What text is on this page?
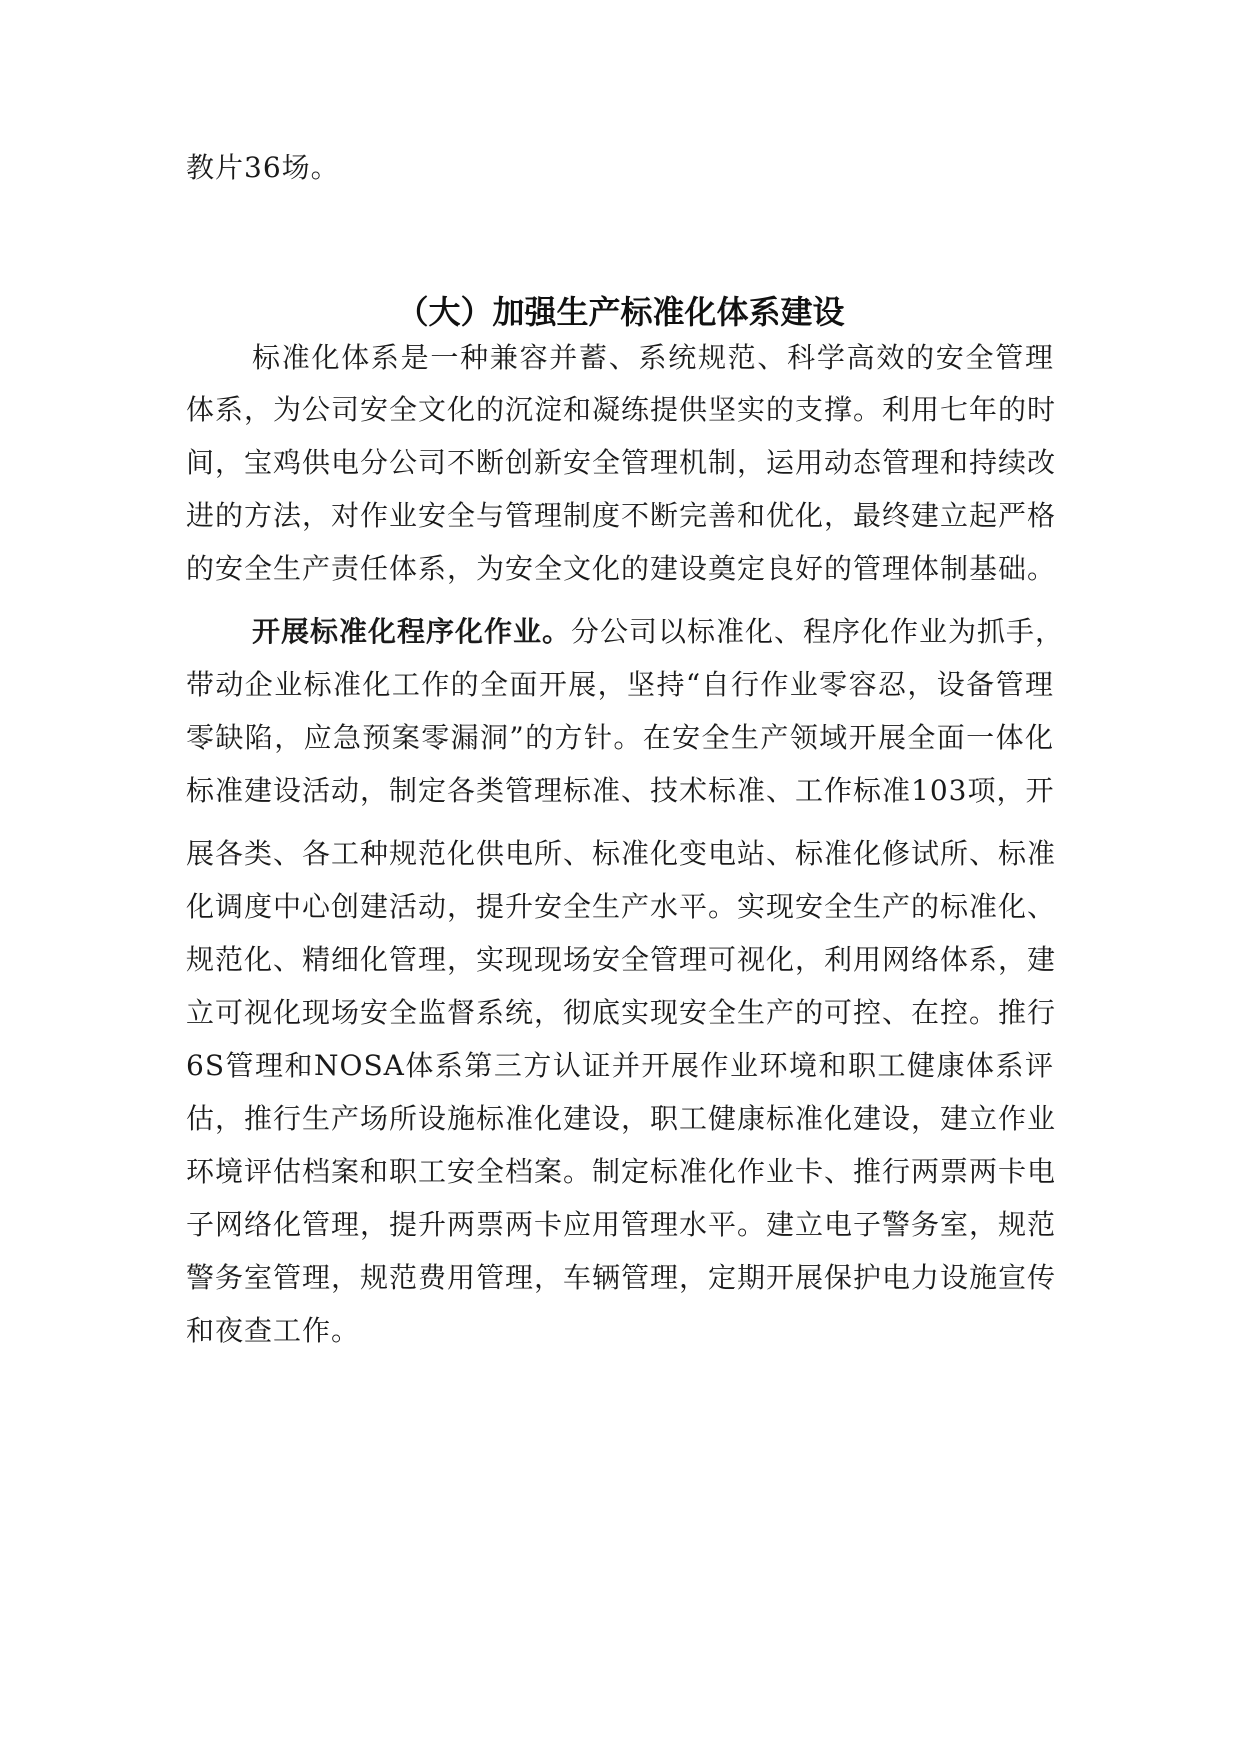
教片36场。
（大）加强生产标准化体系建设
标准化体系是一种兼容并蓄、系统规范、科学高效的安全管理
体系，为公司安全文化的沉淀和凝练提供坚实的支撑。利用七年的时
间，宝鸡供电分公司不断创新安全管理机制，运用动态管理和持续改
进的方法，对作业安全与管理制度不断完善和优化，最终建立起严格
的安全生产责任体系，为安全文化的建设奠定良好的管理体制基础。
开展标准化程序化作业。分公司以标准化、程序化作业为抓手，
带动企业标准化工作的全面开展，坚持“自行作业零容忍，设备管理
零缺陷，应急预案零漏洞”的方针。在安全生产领域开展全面一体化
标准建设活动，制定各类管理标准、技术标准、工作标准103项，开
展各类、各工种规范化供电所、标准化变电站、标准化修试所、标准
化调度中心创建活动，提升安全生产水平。实现安全生产的标准化、
规范化、精细化管理，实现现场安全管理可视化，利用网络体系，建
立可视化现场安全监督系统，彻底实现安全生产的可控、在控。推行
6S管理和NOSA体系第三方认证并开展作业环境和职工健康体系评
估，推行生产场所设施标准化建设，职工健康标准化建设，建立作业
环境评估档案和职工安全档案。制定标准化作业卡、推行两票两卡电
子网络化管理，提升两票两卡应用管理水平。建立电子警务室，规范
警务室管理，规范费用管理，车辆管理，定期开展保护电力设施宣传
和夜查工作。
